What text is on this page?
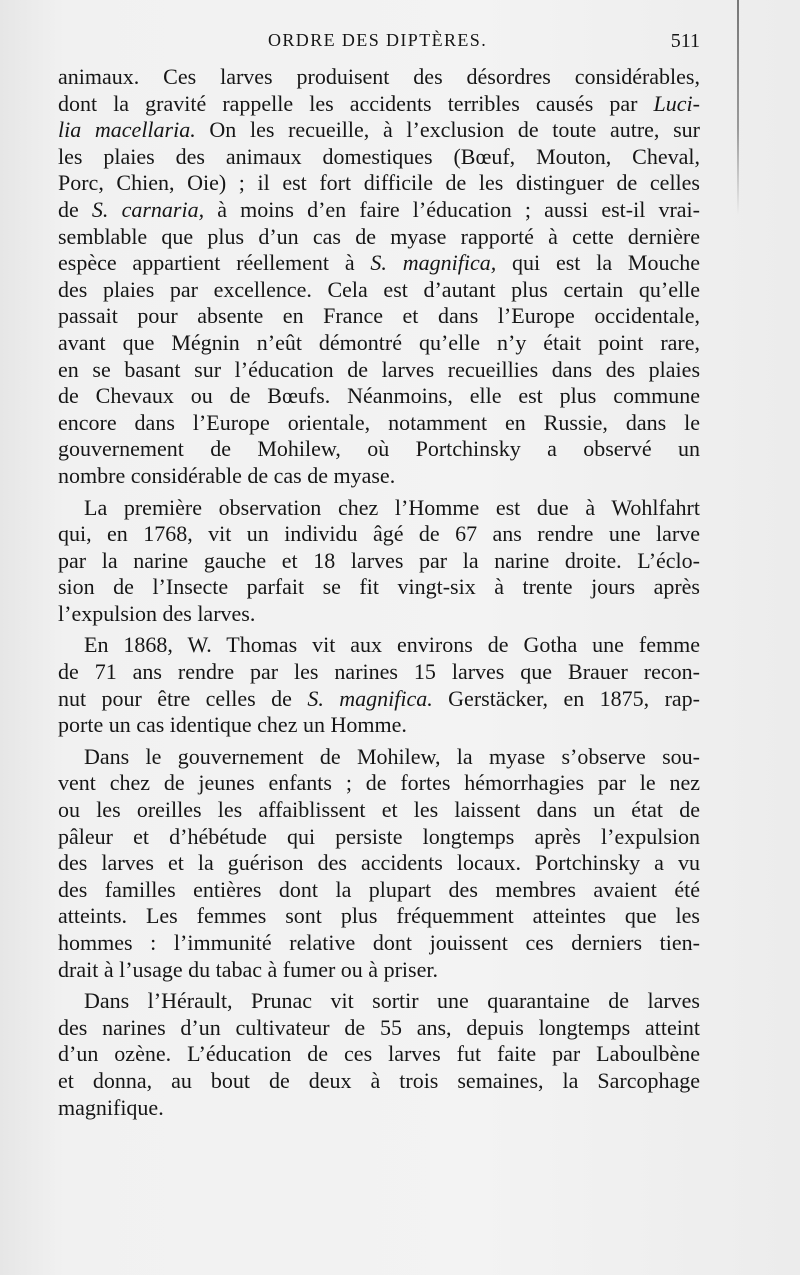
ORDRE DES DIPTÈRES.	511
animaux. Ces larves produisent des désordres considérables,
dont la gravité rappelle les accidents terribles causés par Luci-
lia macellaria. On les recueille, à l’exclusion de toute autre, sur
les plaies des animaux domestiques (Bœuf, Mouton, Cheval,
Porc, Chien, Oie) ; il est fort difficile de les distinguer de celles
de S. carnaria, à moins d’en faire l’éducation ; aussi est-il vrai-
semblable que plus d’un cas de myase rapporté à cette dernière
espèce appartient réellement à S. magnifica, qui est la Mouche
des plaies par excellence. Cela est d’autant plus certain qu’elle
passait pour absente en France et dans l’Europe occidentale,
avant que Mégnin n’eût démontré qu’elle n’y était point rare,
en se basant sur l’éducation de larves recueillies dans des plaies
de Chevaux ou de Bœufs. Néanmoins, elle est plus commune
encore dans l’Europe orientale, notamment en Russie, dans le
gouvernement de Mohilew, où Portchinsky a observé un
nombre considérable de cas de myase.
La première observation chez l’Homme est due à Wohlfahrt
qui, en 1768, vit un individu âgé de 67 ans rendre une larve
par la narine gauche et 18 larves par la narine droite. L’éclo-
sion de l’Insecte parfait se fit vingt-six à trente jours après
l’expulsion des larves.
En 1868, W. Thomas vit aux environs de Gotha une femme
de 71 ans rendre par les narines 15 larves que Brauer recon-
nut pour être celles de S. magnifica. Gerstäcker, en 1875, rap-
porte un cas identique chez un Homme.
Dans le gouvernement de Mohilew, la myase s’observe sou-
vent chez de jeunes enfants ; de fortes hémorrhagies par le nez
ou les oreilles les affaiblissent et les laissent dans un état de
pâleur et d’hébétude qui persiste longtemps après l’expulsion
des larves et la guérison des accidents locaux. Portchinsky a vu
des familles entières dont la plupart des membres avaient été
atteints. Les femmes sont plus fréquemment atteintes que les
hommes : l’immunité relative dont jouissent ces derniers tien-
drait à l’usage du tabac à fumer ou à priser.
Dans l’Hérault, Prunac vit sortir une quarantaine de larves
des narines d’un cultivateur de 55 ans, depuis longtemps atteint
d’un ozène. L’éducation de ces larves fut faite par Laboulbène
et donna, au bout de deux à trois semaines, la Sarcophage
magnifique.
